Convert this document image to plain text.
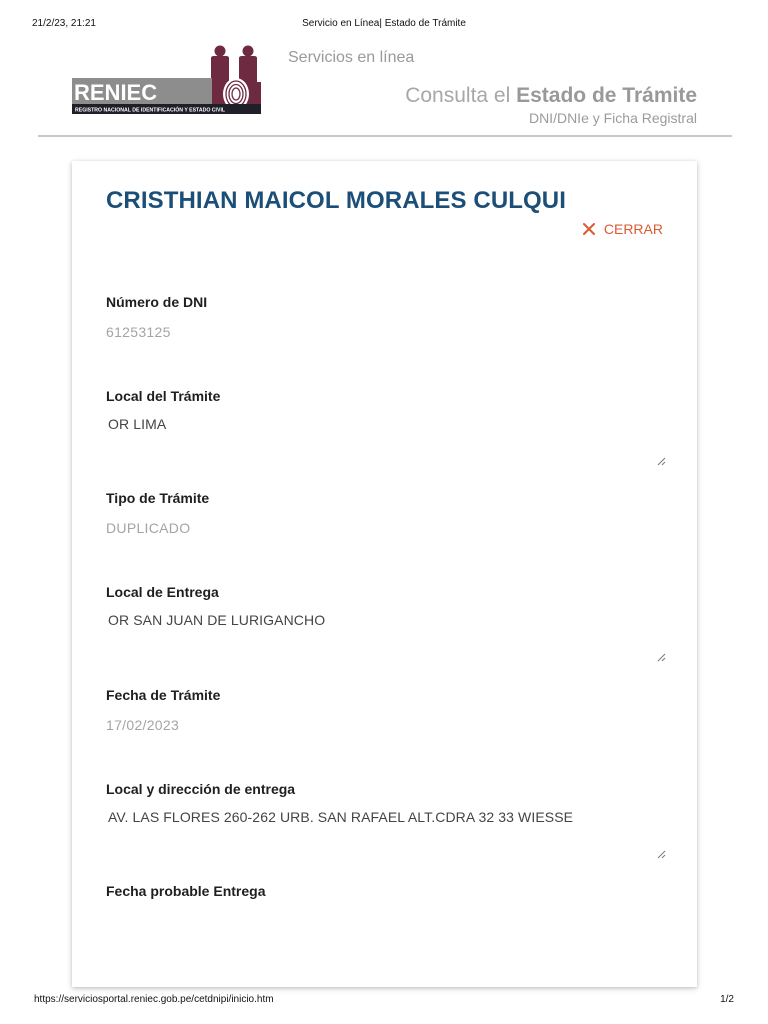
21/2/23, 21:21	Servicio en Línea| Estado de Trámite
RENIEC
REGISTRO NACIONAL DE IDENTIFICACIÓN Y ESTADO CIVIL
Servicios en línea
Consulta el Estado de Trámite
DNI/DNIe y Ficha Registral
CRISTHIAN MAICOL MORALES CULQUI
CERRAR
Número de DNI
61253125
Local del Trámite
OR LIMA
Tipo de Trámite
DUPLICADO
Local de Entrega
OR SAN JUAN DE LURIGANCHO
Fecha de Trámite
17/02/2023
Local y dirección de entrega
AV. LAS FLORES 260-262 URB. SAN RAFAEL ALT.CDRA 32 33 WIESSE
Fecha probable Entrega
https://serviciosportal.reniec.gob.pe/cetdnipi/inicio.htm	1/2
